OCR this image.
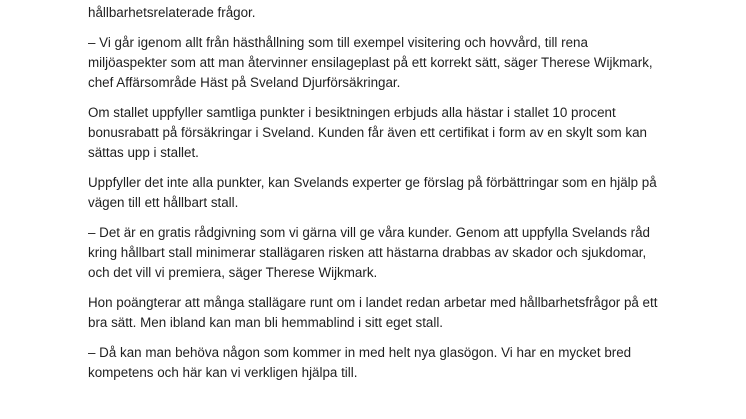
hållbarhetsrelaterade frågor.

– Vi går igenom allt från hästhållning som till exempel visitering och hovvård, till rena miljöaspekter som att man återvinner ensilageplast på ett korrekt sätt, säger Therese Wijkmark, chef Affärsområde Häst på Sveland Djurförsäkringar.

Om stallet uppfyller samtliga punkter i besiktningen erbjuds alla hästar i stallet 10 procent bonusrabatt på försäkringar i Sveland. Kunden får även ett certifikat i form av en skylt som kan sättas upp i stallet.

Uppfyller det inte alla punkter, kan Svelands experter ge förslag på förbättringar som en hjälp på vägen till ett hållbart stall.

– Det är en gratis rådgivning som vi gärna vill ge våra kunder. Genom att uppfylla Svelands råd kring hållbart stall minimerar stallägaren risken att hästarna drabbas av skador och sjukdomar, och det vill vi premiera, säger Therese Wijkmark.

Hon poängterar att många stallägare runt om i landet redan arbetar med hållbarhetsfrågor på ett bra sätt. Men ibland kan man bli hemmablind i sitt eget stall.

– Då kan man behöva någon som kommer in med helt nya glasögon. Vi har en mycket bred kompetens och här kan vi verkligen hjälpa till.
